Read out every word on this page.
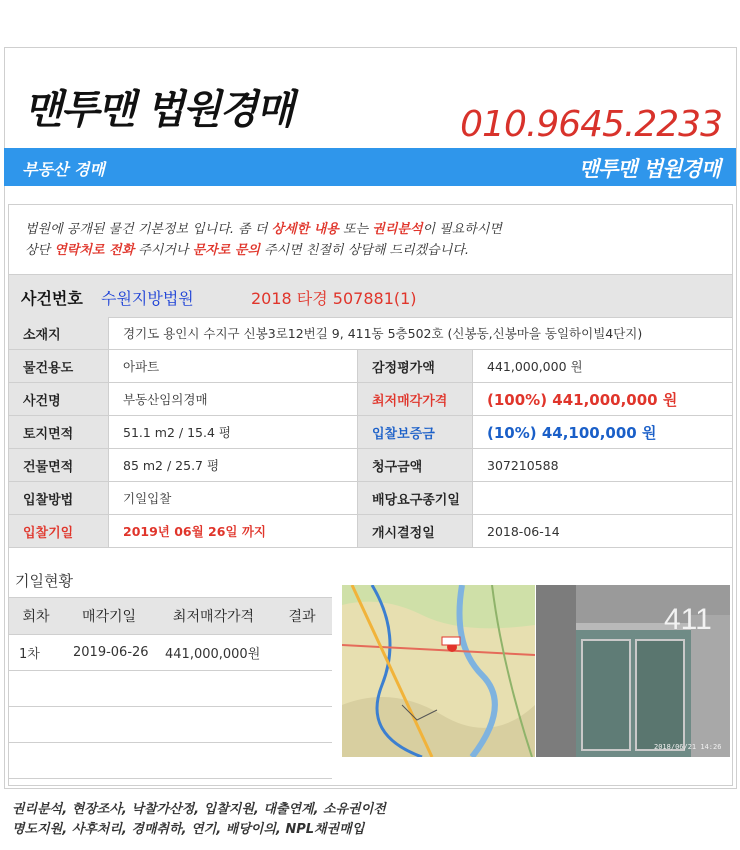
맨투맨 법원경매	010.9645.2233
부동산 경매	맨투맨 법원경매
법원에 공개된 물건 기본정보 입니다. 좀 더 상세한 내용 또는 권리분석이 필요하시면
상단 연락처로 전화 주시거나 문자로 문의 주시면 친절히 상담해 드리겠습니다.
사건번호 수원지방법원	2018 타경 507881(1)
소재지	경기도 용인시 수지구 신봉3로12번길 9, 411동 5층502호 (신봉동,신봉마을 동일하이빌4단지)		
물건용도	아파트	감정평가액	441,000,000 원
사건명	부동산임의경매	최저매각가격	(100%) 441,000,000 원
토지면적	51.1 m2 / 15.4 평	입찰보증금	(10%) 44,100,000 원
건물면적	85 m2 / 25.7 평	청구금액	307210588
입찰방법	기일입찰	배당요구종기일	
입찰기일	2019년 06월 26일 까지	개시결정일	2018-06-14
기일현황
회차	매각기일	최저매각가격	결과
1차	2019-06-26	441,000,000원	

411
2018/06/21 14:26
권리분석, 현장조사, 낙찰가산정, 입찰지원, 대출연계, 소유권이전
명도지원, 사후처리, 경매취하, 연기, 배당이의, NPL채권매입
